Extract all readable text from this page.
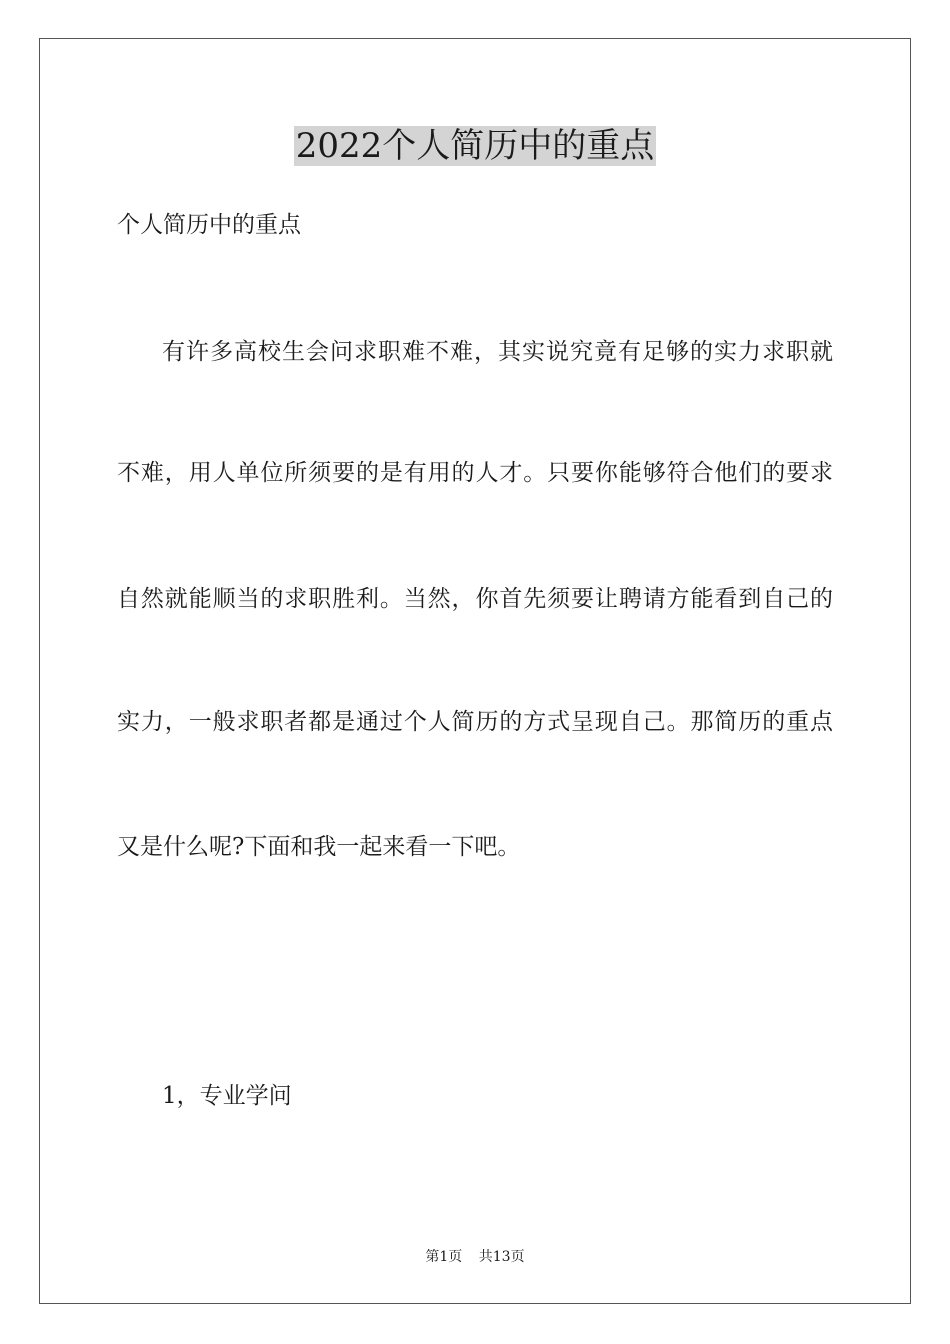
2022个人简历中的重点
个人简历中的重点
有许多高校生会问求职难不难，其实说究竟有足够的实力求职就
不难，用人单位所须要的是有用的人才。只要你能够符合他们的要求
自然就能顺当的求职胜利。当然，你首先须要让聘请方能看到自己的
实力，一般求职者都是通过个人简历的方式呈现自己。那简历的重点
又是什么呢?下面和我一起来看一下吧。
1，专业学问
第1页 共13页
